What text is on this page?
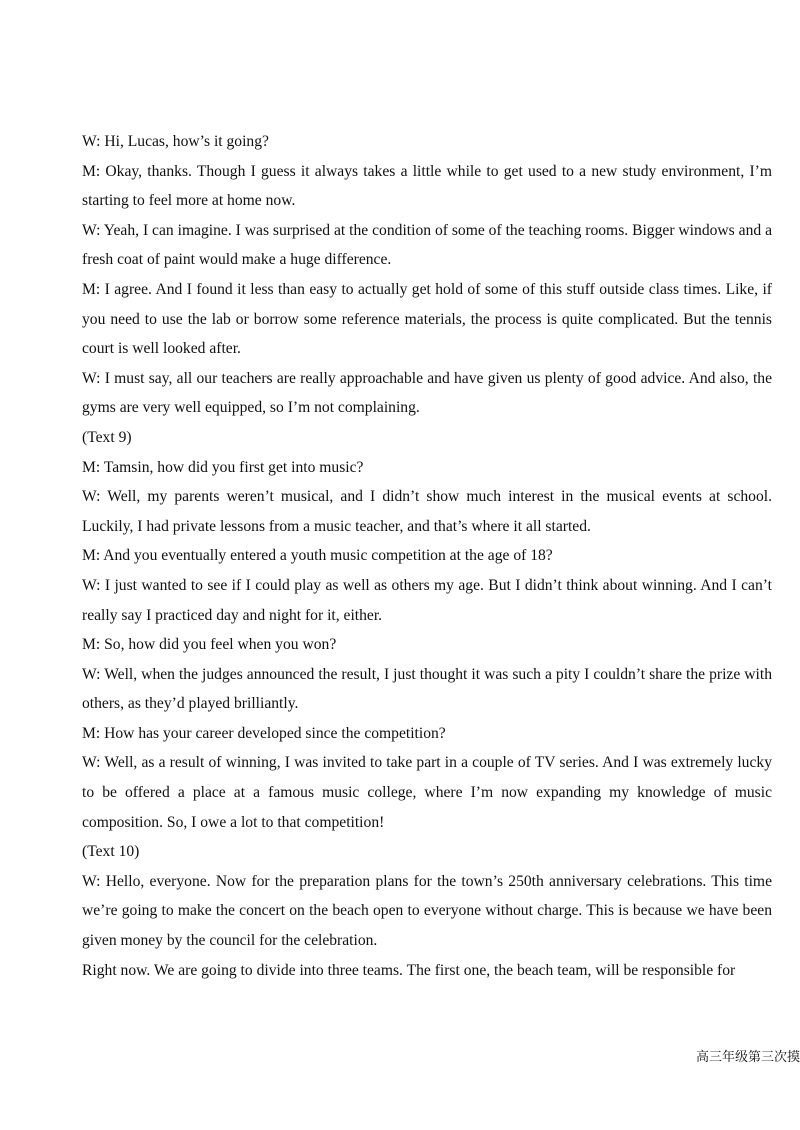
W: Hi, Lucas, how’s it going?

M: Okay, thanks. Though I guess it always takes a little while to get used to a new study environment, I’m starting to feel more at home now.

W: Yeah, I can imagine. I was surprised at the condition of some of the teaching rooms. Bigger windows and a fresh coat of paint would make a huge difference.

M: I agree. And I found it less than easy to actually get hold of some of this stuff outside class times. Like, if you need to use the lab or borrow some reference materials, the process is quite complicated. But the tennis court is well looked after.

W: I must say, all our teachers are really approachable and have given us plenty of good advice. And also, the gyms are very well equipped, so I’m not complaining.

(Text 9)

M: Tamsin, how did you first get into music?

W: Well, my parents weren’t musical, and I didn’t show much interest in the musical events at school. Luckily, I had private lessons from a music teacher, and that’s where it all started.

M: And you eventually entered a youth music competition at the age of 18?

W: I just wanted to see if I could play as well as others my age. But I didn’t think about winning. And I can’t really say I practiced day and night for it, either.

M: So, how did you feel when you won?

W: Well, when the judges announced the result, I just thought it was such a pity I couldn’t share the prize with others, as they’d played brilliantly.

M: How has your career developed since the competition?

W: Well, as a result of winning, I was invited to take part in a couple of TV series. And I was extremely lucky to be offered a place at a famous music college, where I’m now expanding my knowledge of music composition. So, I owe a lot to that competition!

(Text 10)

W: Hello, everyone. Now for the preparation plans for the town’s 250th anniversary celebrations. This time we’re going to make the concert on the beach open to everyone without charge. This is because we have been given money by the council for the celebration.

Right now. We are going to divide into three teams. The first one, the beach team, will be responsible for

高三年级第三次摸
